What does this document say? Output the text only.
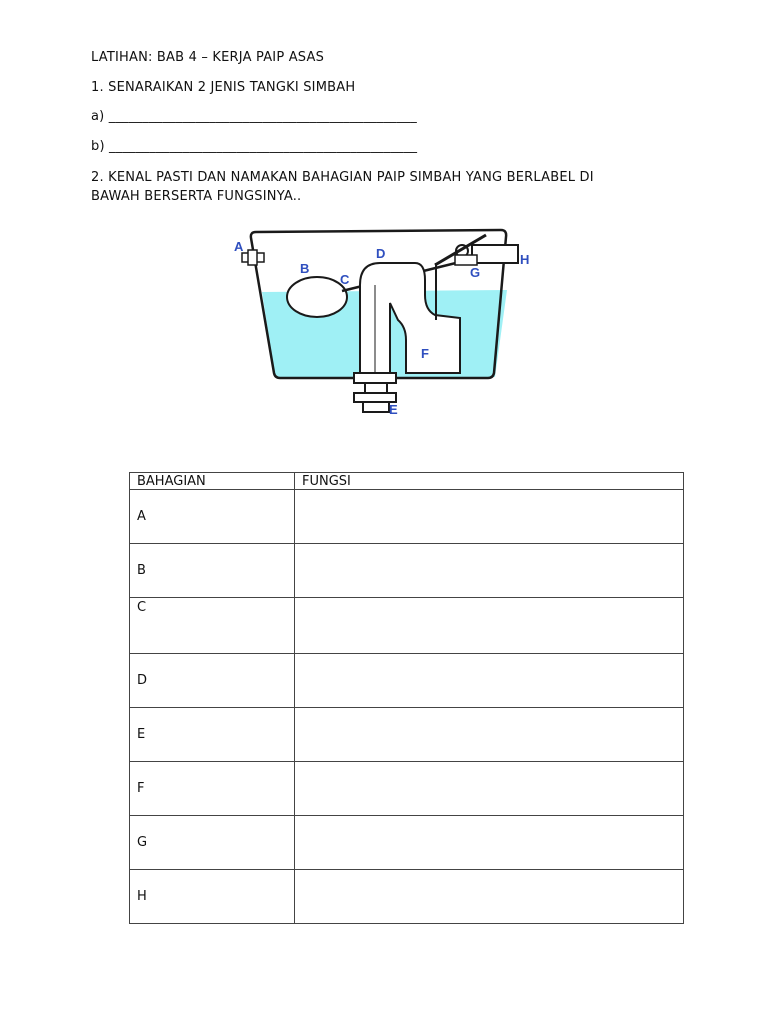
LATIHAN: BAB 4 – KERJA PAIP ASAS
1. SENARAIKAN 2 JENIS TANGKI SIMBAH
a) ______________________________________________
b) ______________________________________________
2. KENAL PASTI DAN NAMAKAN BAHAGIAN PAIP SIMBAH YANG BERLABEL DI
BAWAH BERSERTA FUNGSINYA..
A
B
C
D
E
F
G
H
BAHAGIAN	FUNGSI
A	
B	
C	
D	
E	
F	
G	
H	
